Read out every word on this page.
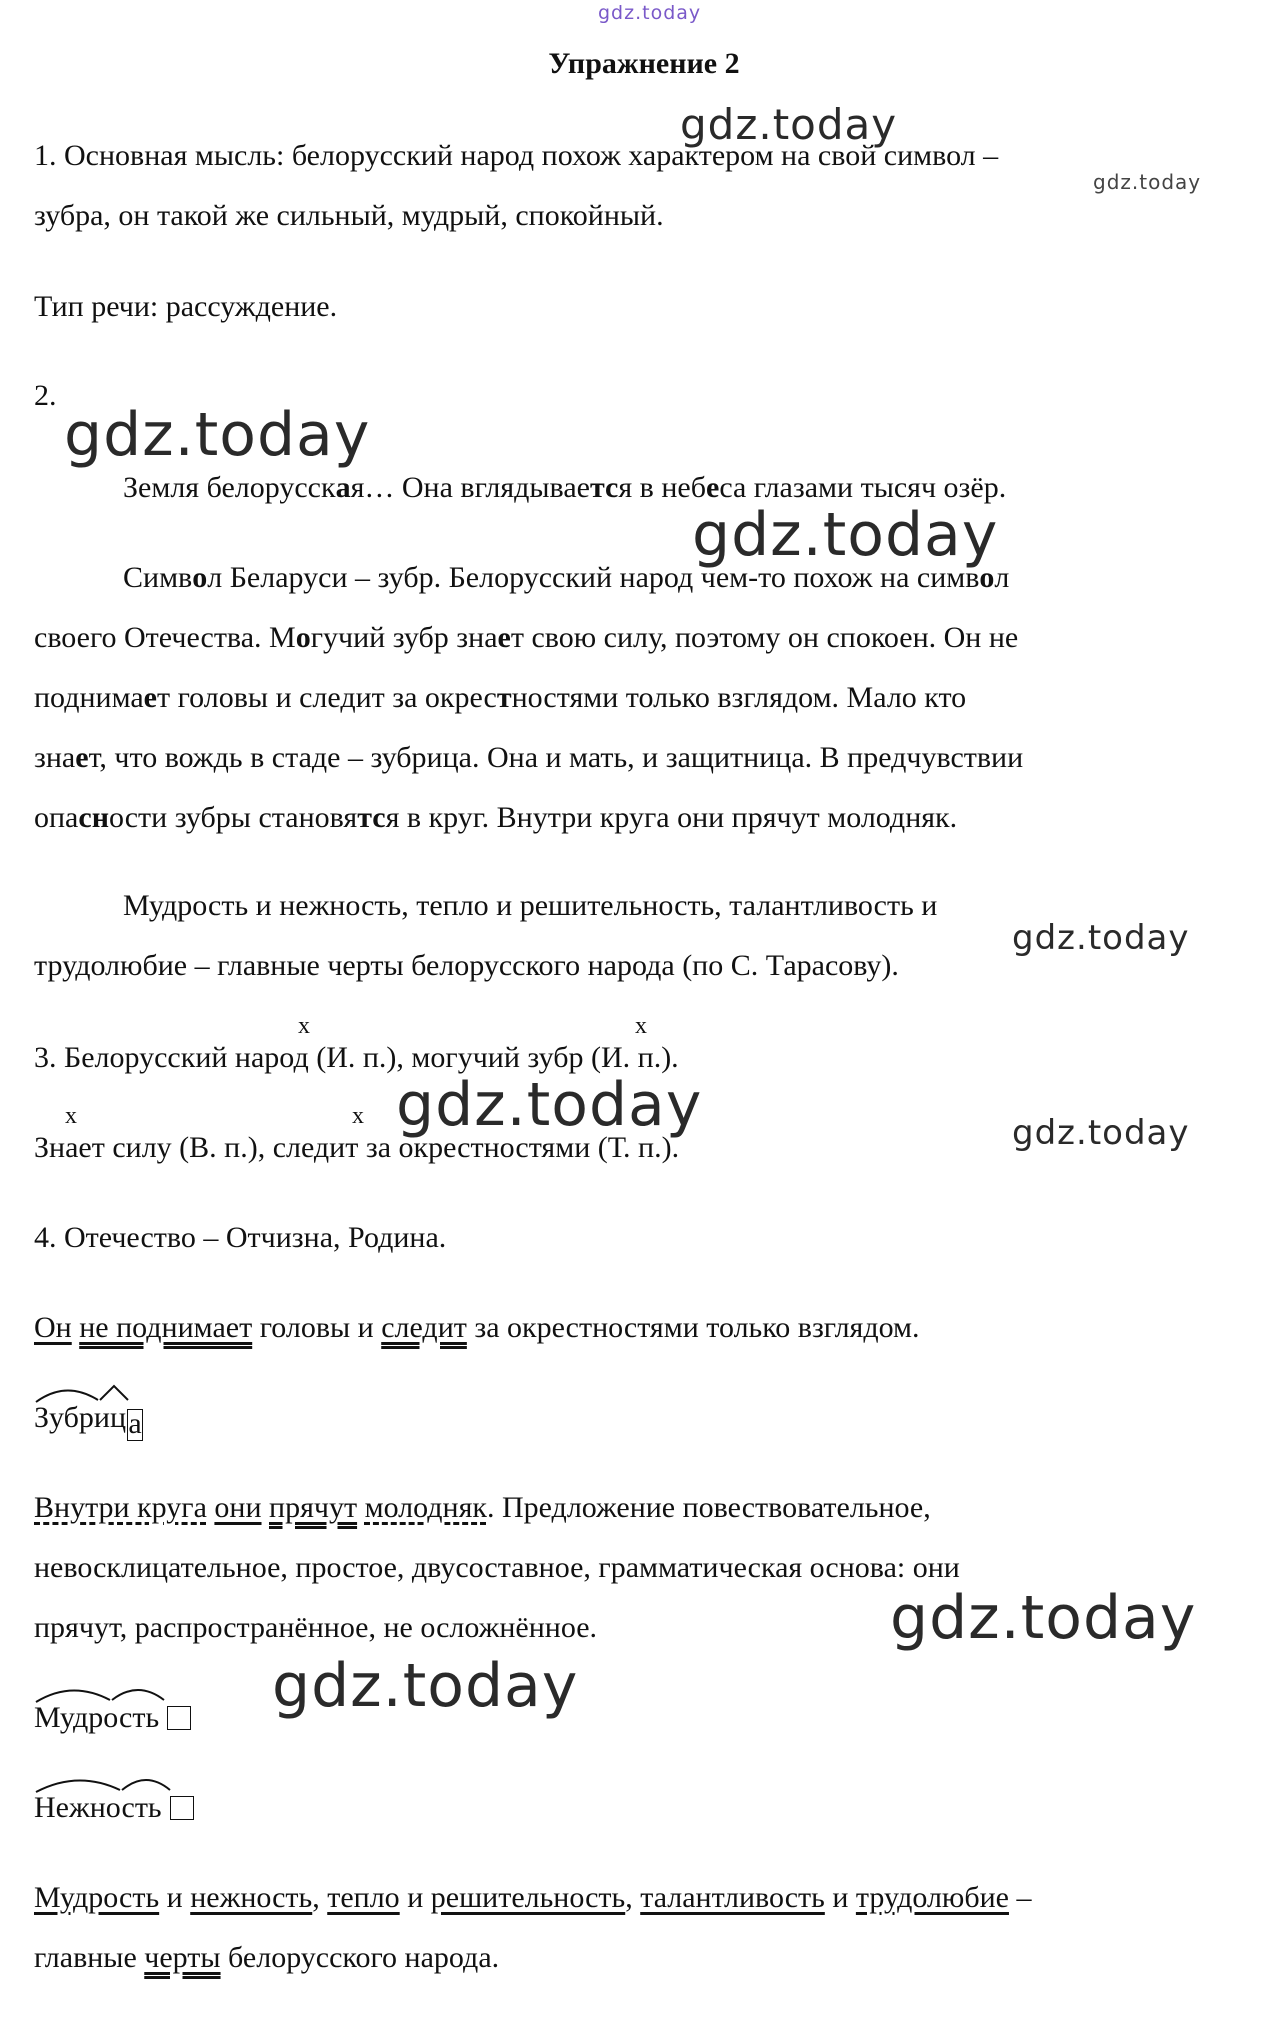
gdz.today
gdz.today
gdz.today
gdz.today
gdz.today
gdz.today
gdz.today	gdz.today
gdz.today
gdz.today
Упражнение 2
1. Основная мысль: белорусский народ похож характером на свой символ –
зубра, он такой же сильный, мудрый, спокойный.
Тип речи: рассуждение.
2.
Земля белорусская… Она вглядывается в небеса глазами тысяч озёр.
Символ Беларуси – зубр. Белорусский народ чем-то похож на символ
своего Отечества. Могучий зубр знает свою силу, поэтому он спокоен. Он не
поднимает головы и следит за окрестностями только взглядом. Мало кто
знает, что вождь в стаде – зубрица. Она и мать, и защитница. В предчувствии
опасности зубры становятся в круг. Внутри круга они прячут молодняк.
Мудрость и нежность, тепло и решительность, талантливость и
трудолюбие – главные черты белорусского народа (по С. Тарасову).
x	x
3. Белорусский народ (И. п.), могучий зубр (И. п.).
x	x
Знает силу (В. п.), следит за окрестностями (Т. п.).
4. Отечество – Отчизна, Родина.
Он не поднимает головы и следит за окрестностями только взглядом.
Зубрица
Внутри круга они прячут молодняк. Предложение повествовательное,
невосклицательное, простое, двусоставное, грамматическая основа: они
прячут, распространённое, не осложнённое.
Мудрость
Нежность
Мудрость и нежность, тепло и решительность, талантливость и трудолюбие –
главные черты белорусского народа.
